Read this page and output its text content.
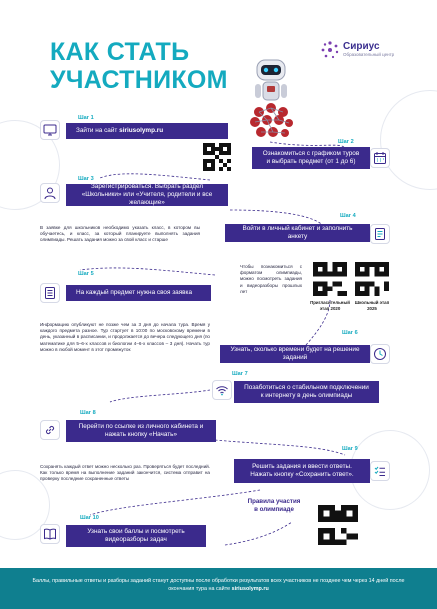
КАК СТАТЬ
УЧАСТНИКОМ
Сириус
Образовательный центр
Шаг 1
Зайти на сайт siriusolymp.ru
Шаг 2
Ознакомиться с графиком туров и выбрать предмет (от 1 до 6)
Шаг 3
Зарегистрироваться. Выбрать раздел «Школьники» или «Учителя, родители и все желающие»
Шаг 4
В заявке для школьников необходимо указать класс, в котором вы обучаетесь, и класс, за который планируете выполнять задания олимпиады. Решать задания можно за свой класс и старше
Войти в личный кабинет и заполнить анкету
Шаг 5
На каждый предмет нужна своя заявка
Чтобы познакомиться с форматом олимпиады, можно посмотреть задания и видеоразборы прошлых лет
Пригласительный этап 2020
Школьный этап 2025
Информацию опубликуют не позже чем за 3 дня до начала тура. Время у каждого предмета разное. Тур стартует в 10:00 по московскому времени в день, указанный в расписании, и продолжается до вечера следующего дня (по математике для 5–6-х классов и биологии 4–6-х классов – 3 дня). Начать тур можно в любой момент в этот промежуток
Шаг 6
Узнать, сколько времени будет на решение заданий
Шаг 7
Позаботиться о стабильном подключении к интернету в день олимпиады
Шаг 8
Перейти по ссылке из личного кабинета и нажать кнопку «Начать»
Сохранять каждый ответ можно несколько раз. Проверяться будет последний. Как только время на выполнение заданий закончится, система отправит на проверку последние сохраненные ответы
Шаг 9
Решить задания и ввести ответы. Нажать кнопку «Сохранить ответ».
Шаг 10
Узнать свои баллы и посмотреть видеоразборы задач
Правила участия
в олимпиаде
Баллы, правильные ответы и разборы заданий станут доступны после обработки результатов всех участников не позднее чем через 14 дней после окончания тура на сайте siriusolymp.ru
